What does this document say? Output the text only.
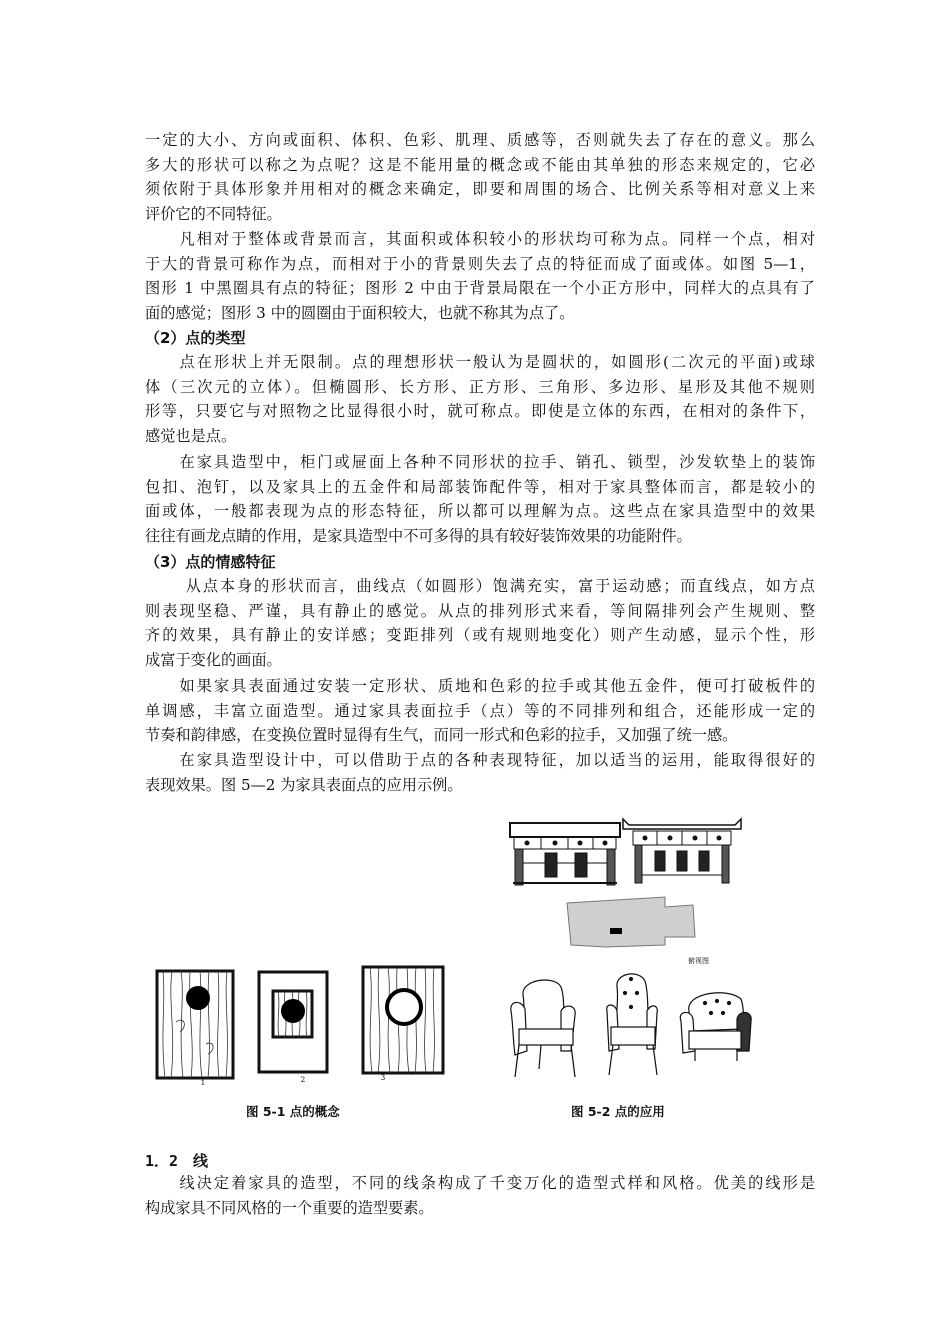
一定的大小、方向或面积、体积、色彩、肌理、质感等，否则就失去了存在的意义。那么
多大的形状可以称之为点呢？这是不能用量的概念或不能由其单独的形态来规定的，它必
须依附于具体形象并用相对的概念来确定，即要和周围的场合、比例关系等相对意义上来
评价它的不同特征。
　　凡相对于整体或背景而言，其面积或体积较小的形状均可称为点。同样一个点，相对
于大的背景可称作为点，而相对于小的背景则失去了点的特征而成了面或体。如图 5—1，
图形 1 中黑圈具有点的特征；图形 2 中由于背景局限在一个小正方形中，同样大的点具有了
面的感觉；图形 3 中的圆圈由于面积较大，也就不称其为点了。
（2）点的类型
　　点在形状上并无限制。点的理想形状一般认为是圆状的，如圆形(二次元的平面)或球
体（三次元的立体）。但椭圆形、长方形、正方形、三角形、多边形、星形及其他不规则
形等，只要它与对照物之比显得很小时，就可称点。即使是立体的东西，在相对的条件下，
感觉也是点。
　　在家具造型中，柜门或屉面上各种不同形状的拉手、销孔、锁型，沙发软垫上的装饰
包扣、泡钉，以及家具上的五金件和局部装饰配件等，相对于家具整体而言，都是较小的
面或体，一般都表现为点的形态特征，所以都可以理解为点。这些点在家具造型中的效果
往往有画龙点睛的作用，是家具造型中不可多得的具有较好装饰效果的功能附件。
（3）点的情感特征
　　 从点本身的形状而言，曲线点（如圆形）饱满充实，富于运动感；而直线点，如方点
则表现坚稳、严谨，具有静止的感觉。从点的排列形式来看，等间隔排列会产生规则、整
齐的效果，具有静止的安详感；变距排列（或有规则地变化）则产生动感，显示个性，形
成富于变化的画面。
　　如果家具表面通过安装一定形状、质地和色彩的拉手或其他五金件，便可打破板件的
单调感，丰富立面造型。通过家具表面拉手（点）等的不同排列和组合，还能形成一定的
节奏和韵律感，在变换位置时显得有生气，而同一形式和色彩的拉手，又加强了统一感。
　　在家具造型设计中，可以借助于点的各种表现特征，加以适当的运用，能取得很好的
表现效果。图 5—2 为家具表面点的应用示例。
1	2	3
俯视图
图 5-1 点的概念	图 5-2 点的应用
1．2　线
　　线决定着家具的造型，不同的线条构成了千变万化的造型式样和风格。优美的线形是
构成家具不同风格的一个重要的造型要素。
